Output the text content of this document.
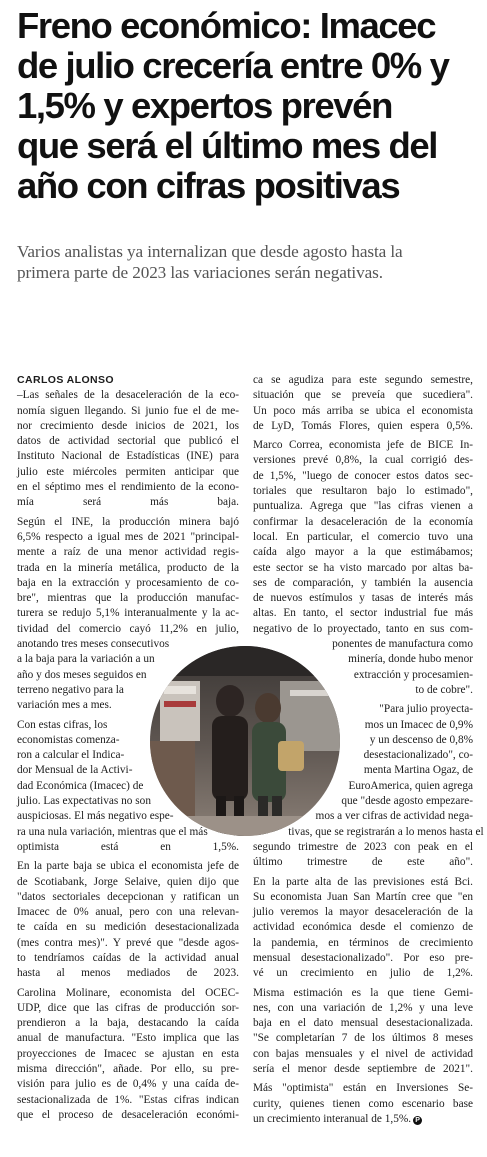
Freno económico: Imacec
de julio crecería entre 0% y
1,5% y expertos prevén
que será el último mes del
año con cifras positivas
Varios analistas ya internalizan que desde agosto hasta la
primera parte de 2023 las variaciones serán negativas.
CARLOS ALONSO
–Las señales de la desaceleración de la eco-
nomía siguen llegando. Si junio fue el de me-
nor crecimiento desde inicios de 2021, los
datos de actividad sectorial que publicó el
Instituto Nacional de Estadísticas (INE) para
julio este miércoles permiten anticipar que
en el séptimo mes el rendimiento de la econo-
mía será más baja.
Según el INE, la producción minera bajó
6,5% respecto a igual mes de 2021 "principal-
mente a raíz de una menor actividad regis-
trada en la minería metálica, producto de la
baja en la extracción y procesamiento de co-
bre", mientras que la producción manufac-
turera se redujo 5,1% interanualmente y la ac-
tividad del comercio cayó 11,2% en julio,
anotando tres meses consecutivos
a la baja para la variación a un
año y dos meses seguidos en
terreno negativo para la
variación mes a mes.
Con estas cifras, los
economistas comenza-
ron a calcular el Indica-
dor Mensual de la Activi-
dad Económica (Imacec) de
julio. Las expectativas no son
auspiciosas. El más negativo espe-
ra una nula variación, mientras que el más
optimista está en 1,5%.
En la parte baja se ubica el economista jefe de
de Scotiabank, Jorge Selaive, quien dijo que
"datos sectoriales decepcionan y ratifican un
Imacec de 0% anual, pero con una relevan-
te caída en su medición desestacionalizada
(mes contra mes)". Y prevé que "desde agos-
to tendríamos caídas de la actividad anual
hasta al menos mediados de 2023.
Carolina Molinare, economista del OCEC-
UDP, dice que las cifras de producción sor-
prendieron a la baja, destacando la caída
anual de manufactura. "Esto implica que las
proyecciones de Imacec se ajustan en esta
misma dirección", añade. Por ello, su pre-
visión para julio es de 0,4% y una caída de-
sestacionalizada de 1%. "Estas cifras indican
que el proceso de desaceleración económi-
ca se agudiza para este segundo semestre,
situación que se preveía que sucediera".
Un poco más arriba se ubica el economista
de LyD, Tomás Flores, quien espera 0,5%.
Marco Correa, economista jefe de BICE In-
versiones prevé 0,8%, la cual corrigió des-
de 1,5%, "luego de conocer estos datos sec-
toriales que resultaron bajo lo estimado",
puntualiza. Agrega que "las cifras vienen a
confirmar la desaceleración de la economía
local. En particular, el comercio tuvo una
caída algo mayor a la que estimábamos;
este sector se ha visto marcado por altas ba-
ses de comparación, y también la ausencia
de nuevos estímulos y tasas de interés más
altas. En tanto, el sector industrial fue más
negativo de lo proyectado, tanto en sus com-
ponentes de manufactura como
minería, donde hubo menor
extracción y procesamien-
to de cobre".
"Para julio proyecta-
mos un Imacec de 0,9%
y un descenso de 0,8%
desestacionalizado", co-
menta Martina Ogaz, de
EuroAmerica, quien agrega
que "desde agosto empezare-
mos a ver cifras de actividad nega-
tivas, que se registrarán a lo menos hasta el
segundo trimestre de 2023 con peak en el
último trimestre de este año".
En la parte alta de las previsiones está Bci.
Su economista Juan San Martín cree que "en
julio veremos la mayor desaceleración de la
actividad económica desde el comienzo de
la pandemia, en términos de crecimiento
mensual desestacionalizado". Por eso pre-
vé un crecimiento en julio de 1,2%.
Misma estimación es la que tiene Gemi-
nes, con una variación de 1,2% y una leve
baja en el dato mensual desestacionalizada.
"Se completarían 7 de los últimos 8 meses
con bajas mensuales y el nivel de actividad
sería el menor desde septiembre de 2021".
Más "optimista" están en Inversiones Se-
curity, quienes tienen como escenario base
un crecimiento interanual de 1,5%. P
